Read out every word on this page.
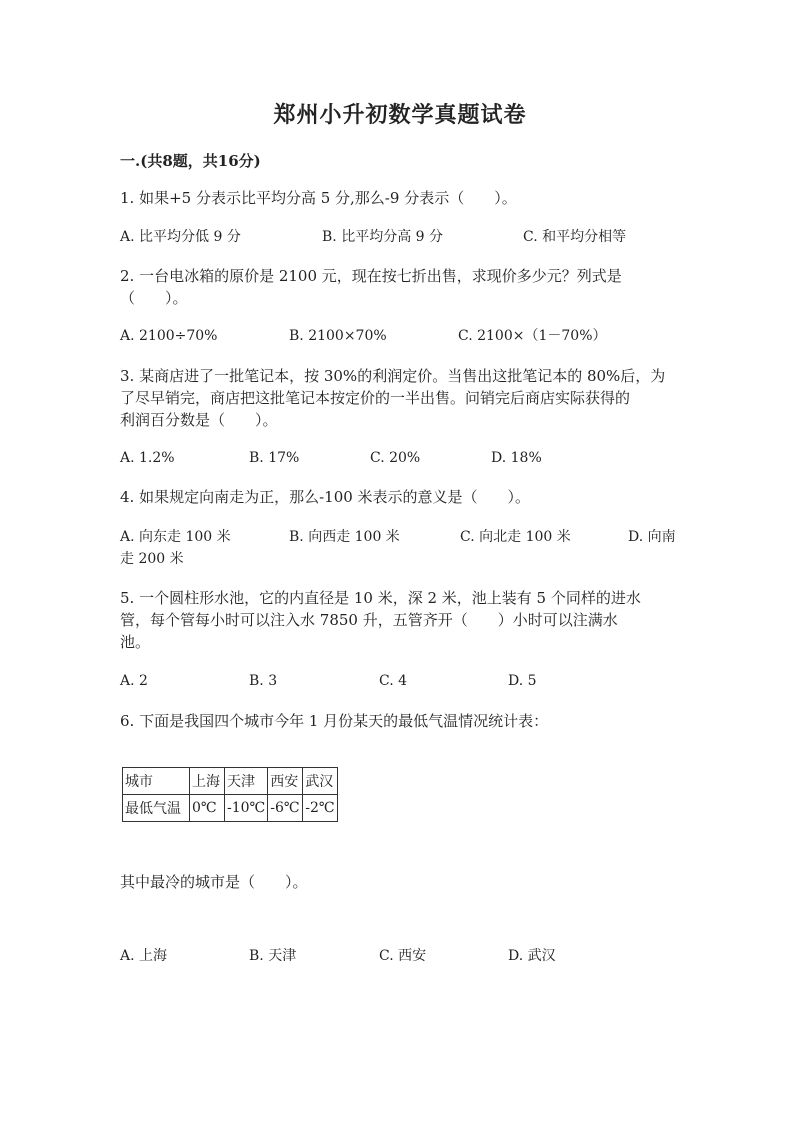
郑州小升初数学真题试卷
一.(共8题，共16分)
1. 如果+5 分表示比平均分高 5 分,那么-9 分表示（　　）。
A. 比平均分低 9 分	B. 比平均分高 9 分	C. 和平均分相等
2. 一台电冰箱的原价是 2100 元，现在按七折出售，求现价多少元？列式是
（　　）。
A. 2100÷70%	B. 2100×70%	C. 2100×（1－70%）
3. 某商店进了一批笔记本，按 30%的利润定价。当售出这批笔记本的 80%后，为
了尽早销完，商店把这批笔记本按定价的一半出售。问销完后商店实际获得的
利润百分数是（　　）。
A. 1.2%	B. 17%	C. 20%	D. 18%
4. 如果规定向南走为正，那么-100 米表示的意义是（　　）。
A. 向东走 100 米	B. 向西走 100 米	C. 向北走 100 米	D. 向南
走 200 米
5. 一个圆柱形水池，它的内直径是 10 米，深 2 米，池上装有 5 个同样的进水
管，每个管每小时可以注入水 7850 升，五管齐开（　　）小时可以注满水
池。
A. 2	B. 3	C. 4	D. 5
6. 下面是我国四个城市今年 1 月份某天的最低气温情况统计表：
城市	上海	天津	西安	武汉
最低气温	0℃	-10℃	-6℃	-2℃
其中最冷的城市是（　　）。
A. 上海	B. 天津	C. 西安	D. 武汉
